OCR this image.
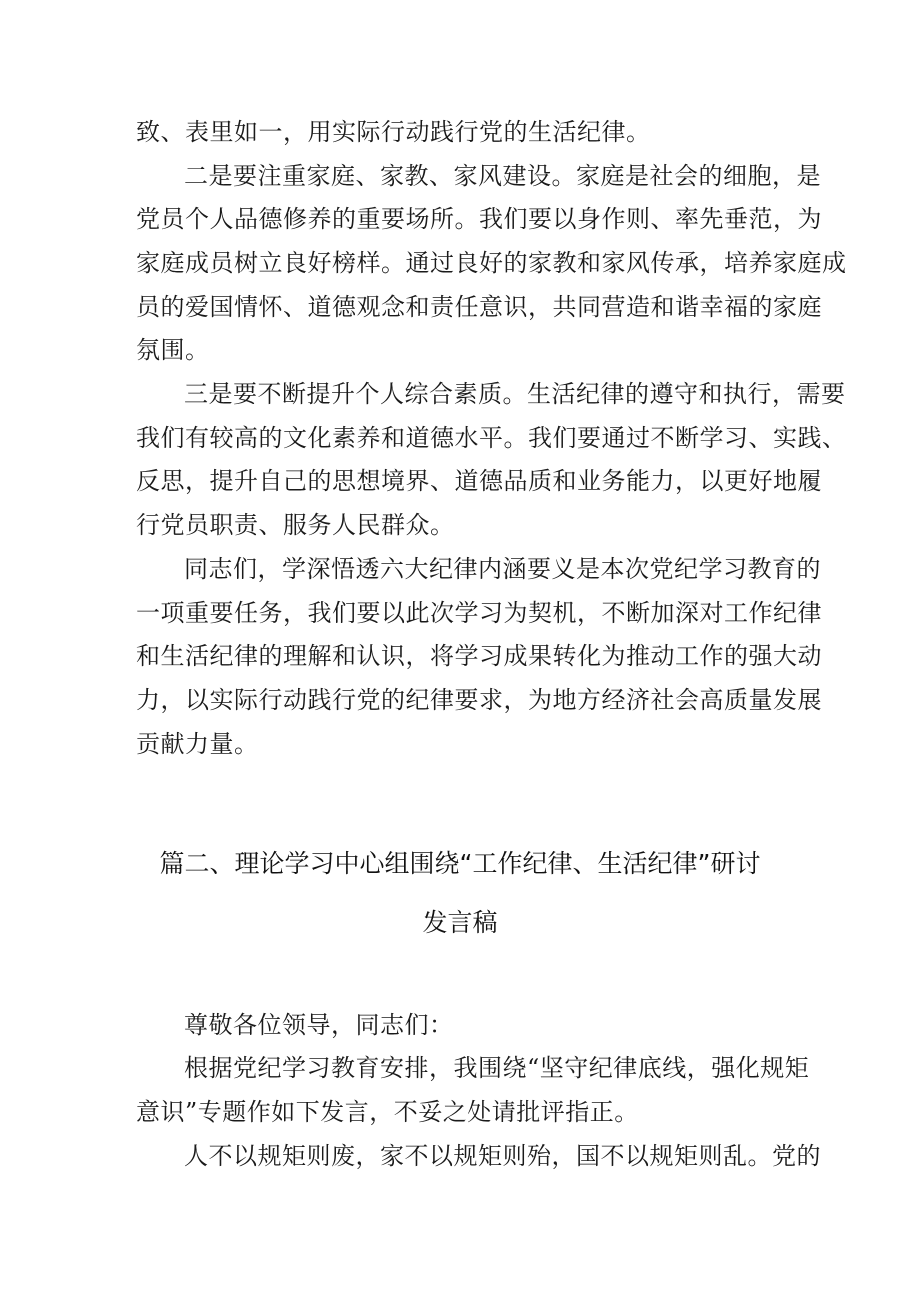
致、表里如一，用实际行动践行党的生活纪律。
二是要注重家庭、家教、家风建设。家庭是社会的细胞，是
党员个人品德修养的重要场所。我们要以身作则、率先垂范，为
家庭成员树立良好榜样。通过良好的家教和家风传承，培养家庭成
员的爱国情怀、道德观念和责任意识，共同营造和谐幸福的家庭
氛围。
三是要不断提升个人综合素质。生活纪律的遵守和执行，需要
我们有较高的文化素养和道德水平。我们要通过不断学习、实践、
反思，提升自己的思想境界、道德品质和业务能力，以更好地履
行党员职责、服务人民群众。
同志们，学深悟透六大纪律内涵要义是本次党纪学习教育的
一项重要任务，我们要以此次学习为契机，不断加深对工作纪律
和生活纪律的理解和认识，将学习成果转化为推动工作的强大动
力，以实际行动践行党的纪律要求，为地方经济社会高质量发展
贡献力量。
篇二、理论学习中心组围绕“工作纪律、生活纪律”研讨
发言稿
尊敬各位领导，同志们：
根据党纪学习教育安排，我围绕“坚守纪律底线，强化规矩
意识”专题作如下发言，不妥之处请批评指正。
人不以规矩则废，家不以规矩则殆，国不以规矩则乱。党的
